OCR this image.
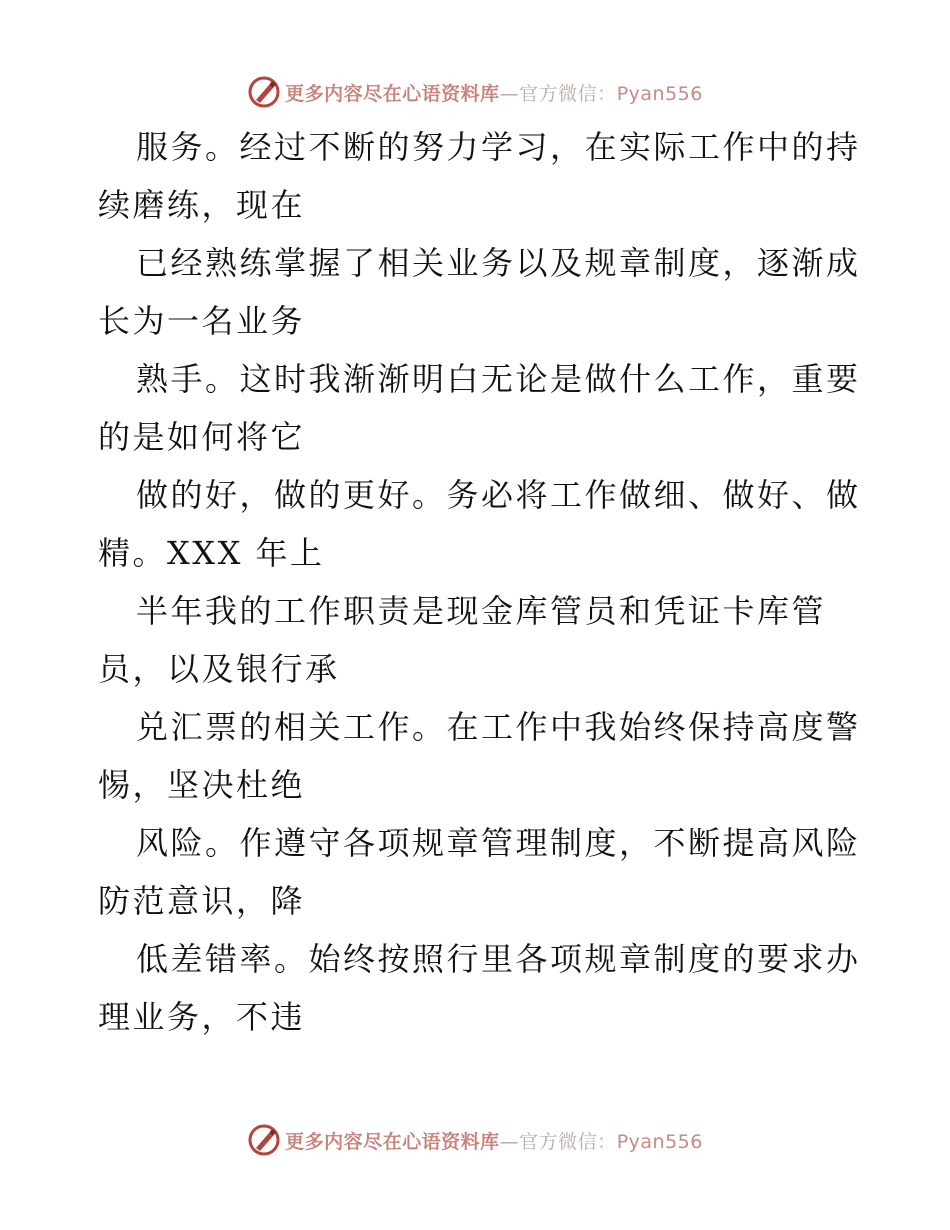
更多内容尽在心语资料库—官方微信：Pyan556
服务。经过不断的努力学习，在实际工作中的持
续磨练，现在
已经熟练掌握了相关业务以及规章制度，逐渐成
长为一名业务
熟手。这时我渐渐明白无论是做什么工作，重要
的是如何将它
做的好，做的更好。务必将工作做细、做好、做
精。XXX 年上
半年我的工作职责是现金库管员和凭证卡库管
员，以及银行承
兑汇票的相关工作。在工作中我始终保持高度警
惕，坚决杜绝
风险。作遵守各项规章管理制度，不断提高风险
防范意识，降
低差错率。始终按照行里各项规章制度的要求办
理业务，不违
更多内容尽在心语资料库—官方微信：Pyan556
